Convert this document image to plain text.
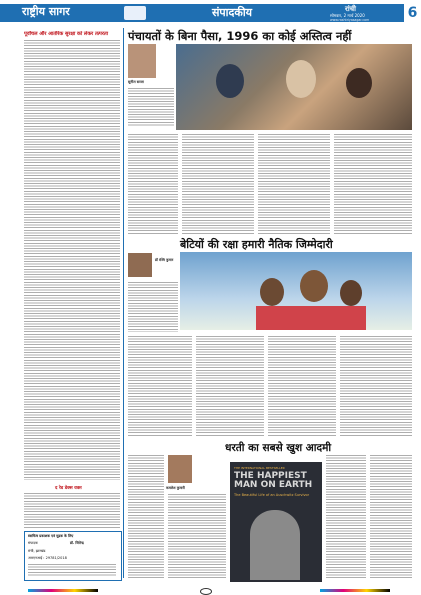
राष्ट्रीय सागर	संपादकीय	रांची
सोमवार, 2 मार्च 2020
www.rashtriyasagar.com	6
पूर्वांचल और आतंरिक सुरक्षा को लेकर तत्परता
द रेड डेक्स वक्त
स्वामित्व प्रकाशक एवं मुद्रक के लिए
संपादक	डॉ. जितेन्द्र
रांची, झारखंड
आरएनआई : 29781/2018
पंचायतों के बिना पैसा, 1996 का कोई अस्तित्व नहीं
सुनील सरला
बेटियों की रक्षा हमारी नैतिक जिम्मेदारी
डॉ रश्मि कुमार
धरती का सबसे खुश आदमी
कमलेश कुमारी
THE INTERNATIONAL BESTSELLER
THE HAPPIEST MAN ON EARTH
The Beautiful Life of an Auschwitz Survivor
